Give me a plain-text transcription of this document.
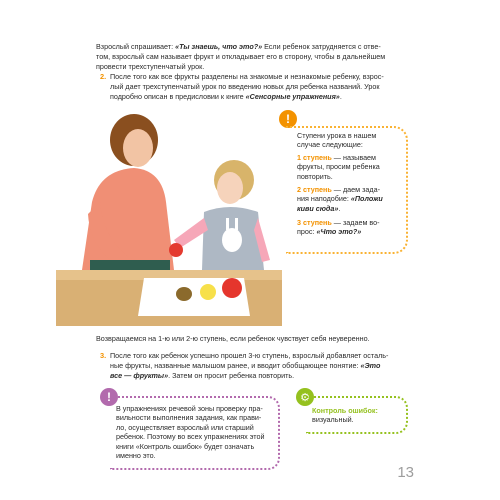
Взрослый спрашивает: «Ты знаешь, что это?» Если ребенок затрудняется с отве-
том, взрослый сам называет фрукт и откладывает его в сторону, чтобы в дальнейшем
провести трехступенчатый урок.
2. После того как все фрукты разделены на знакомые и незнакомые ребенку, взрос-
лый дает трехступенчатый урок по введению новых для ребенка названий. Урок
подробно описан в предисловии к книге «Сенсорные упражнения».
!
Ступени урока в нашем
случае следующие:
1 ступень — называем
фрукты, просим ребенка
повторить.
2 ступень — даем зада-
ния наподобие: «Положи
киви сюда».
3 ступень — задаем во-
прос: «Что это?»
Возвращаемся на 1-ю или 2-ю ступень, если ребенок чувствует себя неуверенно.
3. После того как ребенок успешно прошел 3-ю ступень, взрослый добавляет осталь-
ные фрукты, названные малышом ранее, и вводит обобщающее понятие: «Это
все — фрукты». Затем он просит ребенка повторить.
!
В упражнениях речевой зоны проверку пра-
вильности выполнения задания, как прави-
ло, осуществляет взрослый или старший
ребенок. Поэтому во всех упражнениях этой
книги «Контроль ошибок» будет означать
именно это.
⚙
Контроль ошибок:
визуальный.
13
